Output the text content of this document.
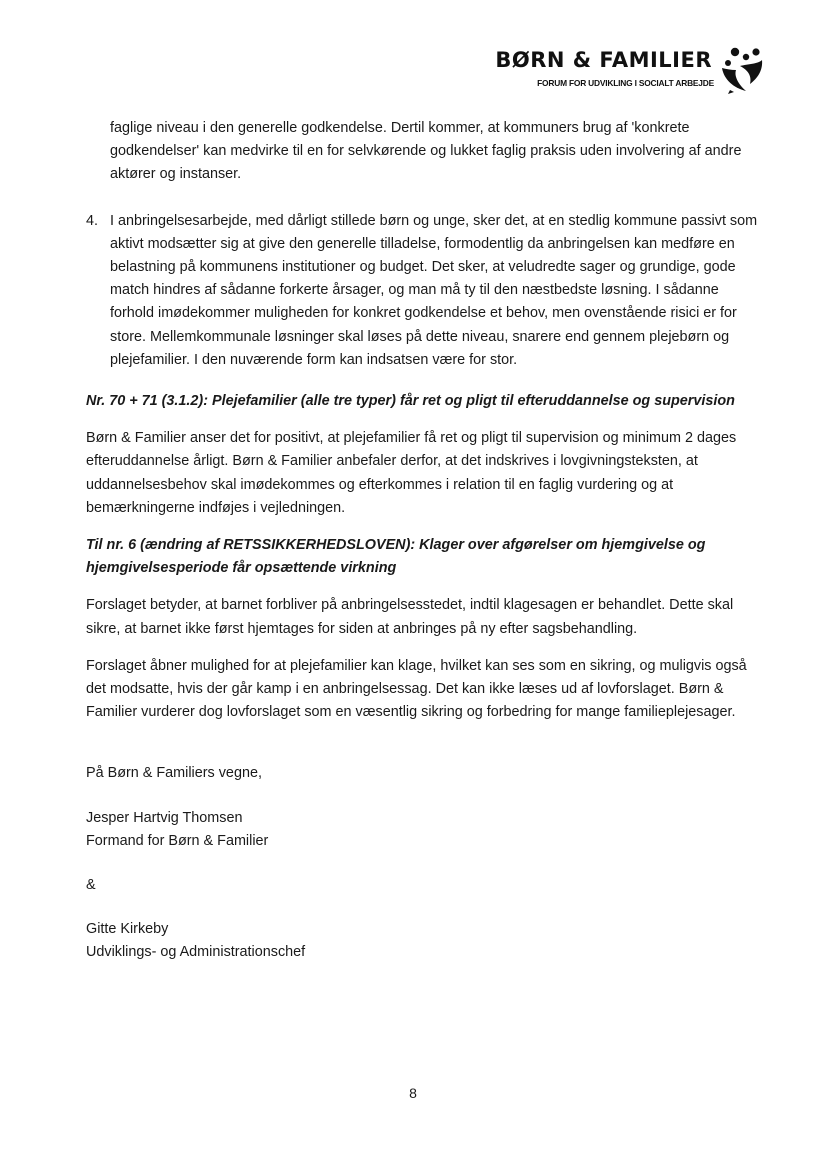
BØRN & FAMILIER
FORUM FOR UDVIKLING I SOCIALT ARBEJDE

faglige niveau i den generelle godkendelse. Dertil kommer, at kommuners brug af 'konkrete godkendelser' kan medvirke til en for selvkørende og lukket faglig praksis uden involvering af andre aktører og instanser.

4. I anbringelsesarbejde, med dårligt stillede børn og unge, sker det, at en stedlig kommune passivt som aktivt modsætter sig at give den generelle tilladelse, formodentlig da anbringelsen kan medføre en belastning på kommunens institutioner og budget. Det sker, at veludredte sager og grundige, gode match hindres af sådanne forkerte årsager, og man må ty til den næstbedste løsning. I sådanne forhold imødekommer muligheden for konkret godkendelse et behov, men ovenstående risici er for store. Mellemkommunale løsninger skal løses på dette niveau, snarere end gennem plejebørn og plejefamilier. I den nuværende form kan indsatsen være for stor.

Nr. 70 + 71 (3.1.2): Plejefamilier (alle tre typer) får ret og pligt til efteruddannelse og supervision

Børn & Familier anser det for positivt, at plejefamilier få ret og pligt til supervision og minimum 2 dages efteruddannelse årligt. Børn & Familier anbefaler derfor, at det indskrives i lovgivningsteksten, at uddannelsesbehov skal imødekommes og efterkommes i relation til en faglig vurdering og at bemærkningerne indføjes i vejledningen.

Til nr. 6 (ændring af RETSSIKKERHEDSLOVEN): Klager over afgørelser om hjemgivelse og hjemgivelsesperiode får opsættende virkning

Forslaget betyder, at barnet forbliver på anbringelsesstedet, indtil klagesagen er behandlet. Dette skal sikre, at barnet ikke først hjemtages for siden at anbringes på ny efter sagsbehandling.

Forslaget åbner mulighed for at plejefamilier kan klage, hvilket kan ses som en sikring, og muligvis også det modsatte, hvis der går kamp i en anbringelsessag. Det kan ikke læses ud af lovforslaget. Børn & Familier vurderer dog lovforslaget som en væsentlig sikring og forbedring for mange familieplejesager.

På Børn & Familiers vegne,

Jesper Hartvig Thomsen

Formand for Børn & Familier

&

Gitte Kirkeby

Udviklings- og Administrationschef

8
